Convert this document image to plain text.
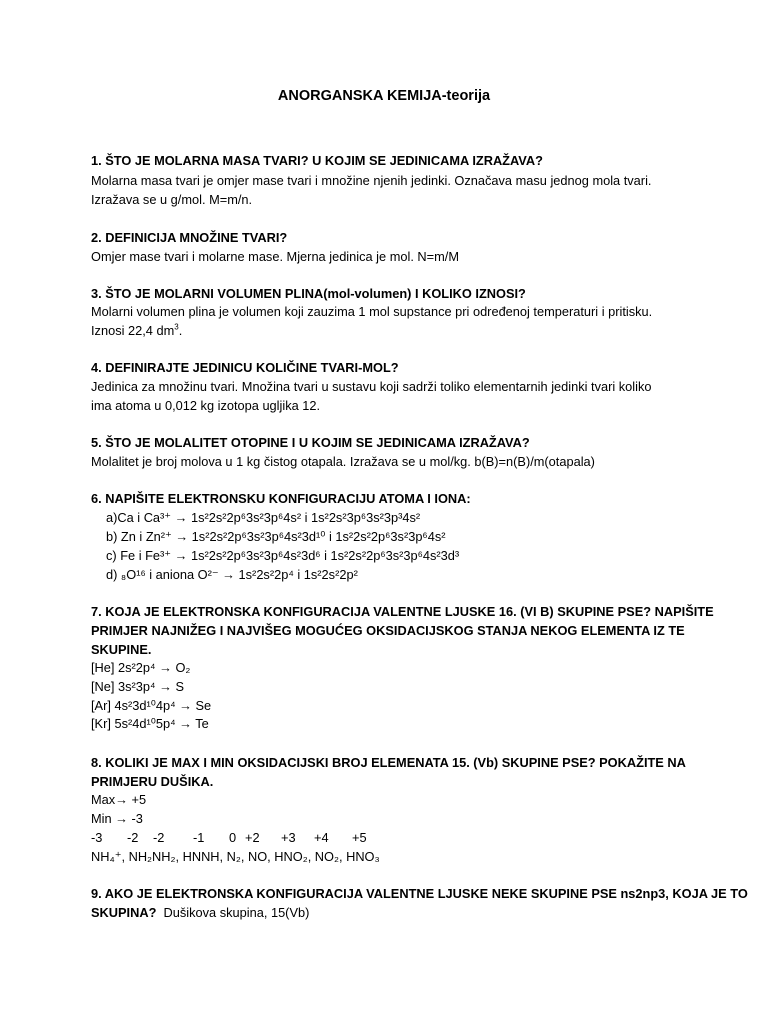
ANORGANSKA KEMIJA-teorija
1. ŠTO JE MOLARNA MASA TVARI? U KOJIM SE JEDINICAMA IZRAŽAVA?
Molarna masa tvari je omjer mase tvari i množine njenih jedinki. Označava masu jednog mola tvari.
Izražava se u g/mol. M=m/n.
2. DEFINICIJA MNOŽINE TVARI?
Omjer mase tvari i molarne mase. Mjerna jedinica je mol. N=m/M
3. ŠTO JE MOLARNI VOLUMEN PLINA(mol-volumen) I KOLIKO IZNOSI?
Molarni volumen plina je volumen koji zauzima 1 mol supstance pri određenoj temperaturi i pritisku.
Iznosi 22,4 $dm^3$.
4. DEFINIRAJTE JEDINICU KOLIČINE TVARI-MOL?
Jedinica za množinu tvari. Množina tvari u sustavu koji sadrži toliko elementarnih jedinki tvari koliko
ima atoma u 0,012 kg izotopa ugljika 12.
5. ŠTO JE MOLALITET OTOPINE I U KOJIM SE JEDINICAMA IZRAŽAVA?
Molalitet je broj molova u 1 kg čistog otapala. Izražava se u mol/kg. b(B)=n(B)/m(otapala)
6. NAPIŠITE ELEKTRONSKU KONFIGURACIJU ATOMA I IONA:
a)Ca i Ca³⁺ → 1s²2s²2p⁶3s²3p⁶4s² i 1s²2s²3p⁶3s²3p³4s²
b) Zn i Zn²⁺ → 1s²2s²2p⁶3s²3p⁶4s²3d¹⁰ i 1s²2s²2p⁶3s²3p⁶4s²
c) Fe i Fe³⁺ → 1s²2s²2p⁶3s²3p⁶4s²3d⁶ i 1s²2s²2p⁶3s²3p⁶4s²3d³
d) ₈O¹⁶ i aniona O²⁻ → 1s²2s²2p⁴ i 1s²2s²2p²
7. KOJA JE ELEKTRONSKA KONFIGURACIJA VALENTNE LJUSKE 16. (VI B) SKUPINE PSE? NAPIŠITE
PRIMJER NAJNIŽEG I NAJVIŠEG MOGUĆEG OKSIDACIJSKOG STANJA NEKOG ELEMENTA IZ TE
SKUPINE.
[He] 2s²2p⁴ → O₂
[Ne] 3s²3p⁴ → S
[Ar] 4s²3d¹⁰4p⁴ → Se
[Kr] 5s²4d¹⁰5p⁴ → Te
8. KOLIKI JE MAX I MIN OKSIDACIJSKI BROJ ELEMENATA 15. (Vb) SKUPINE PSE? POKAŽITE NA
PRIMJERU DUŠIKA.
Max→ +5
Min → -3
-3 -2 -2 -1 0 +2 +3 +4 +5
NH₄⁺, NH₂NH₂, HNNH, N₂, NO, HNO₂, NO₂, HNO₃
9. AKO JE ELEKTRONSKA KONFIGURACIJA VALENTNE LJUSKE NEKE SKUPINE PSE ns2np3, KOJA JE TO
SKUPINA? Dušikova skupina, 15(Vb)
